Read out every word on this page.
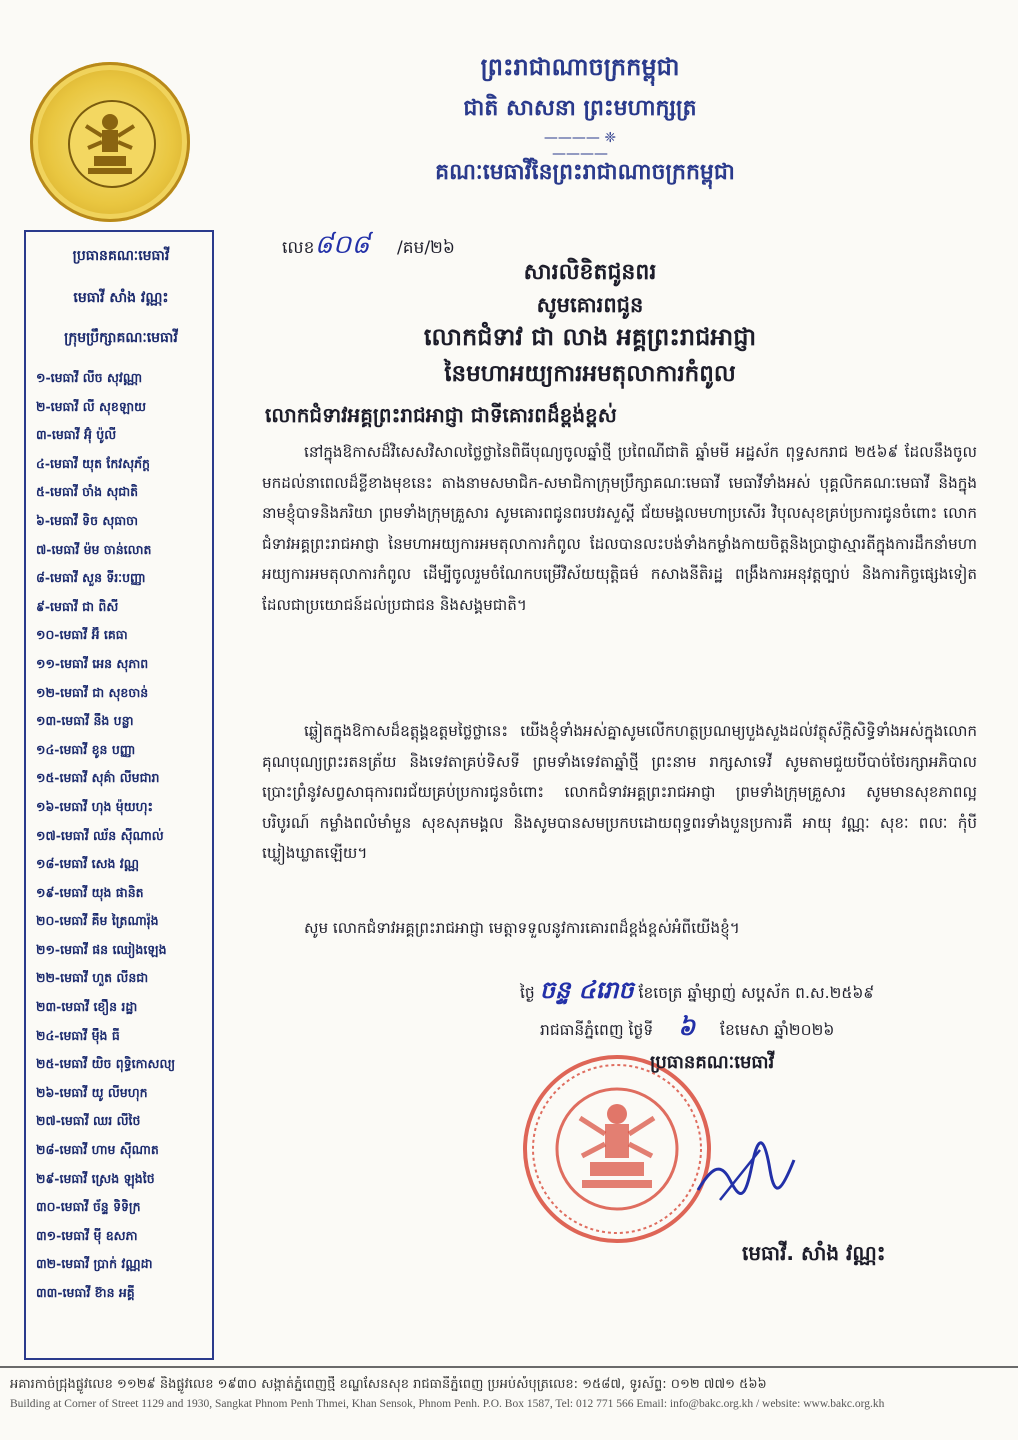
ព្រះរាជាណាចក្រកម្ពុជា
ជាតិ សាសនា ព្រះមហាក្សត្រ
———— ❈ ————
គណៈមេធាវីនៃព្រះរាជាណាចក្រកម្ពុជា
ប្រធានគណៈមេធាវី
មេធាវី សាំង វណ្ណះ
ក្រុមប្រឹក្សាគណៈមេធាវី
១-មេធាវី លីច សុវណ្ណា
២-មេធាវី លី សុខឡាយ
៣-មេធាវី អ៊ុំ ប៉ូលី
៤-មេធាវី យុត កែវសុភ័ក្ត
៥-មេធាវី ចាំង សុជាតិ
៦-មេធាវី ទិច សុធាចា
៧-មេធាវី ម៉ម ចាន់លោត
៨-មេធាវី សួន ទីរៈបញ្ញា
៩-មេធាវី ជា ពិសី
១០-មេធាវី អ៊ឹ គេធា
១១-មេធាវី អេន សុភាព
១២-មេធាវី ជា សុខចាន់
១៣-មេធាវី នឹង បន្លា
១៤-មេធាវី ខូន បញ្ញា
១៥-មេធាវី សុគ៌ា លីមជារា
១៦-មេធាវី ហុង ម៉ុយហុះ
១៧-មេធាវី ឈ័ន ស៊ីណាល់
១៨-មេធាវី សេង វណ្ណ
១៩-មេធាវី យុង ផានិត
២០-មេធាវី គឹម ត្រៃណារ៉ុង
២១-មេធាវី ផន ឈៀងឡេង
២២-មេធាវី ហួត លីនជា
២៣-មេធាវី ខឿន រដ្ឋា
២៤-មេធាវី ម៉ឹង ធី
២៥-មេធាវី យិច ពុទ្ធិកោសល្យ
២៦-មេធាវី យូ លីមហុក
២៧-មេធាវី ឈរ លីថៃ
២៨-មេធាវី ហាម ស៊ីណាត
២៩-មេធាវី ស្រេង ឡុងថៃ
៣០-មេធាវី ច័ន្ទ ទិទិក្រ
៣១-មេធាវី ម៉ី ឧសភា
៣២-មេធាវី ប្រាក់ វណ្ណដា
៣៣-មេធាវី ខ៊ាន អគ្គី
លេខ៨០៨ /គម/២៦
សារលិខិតជូនពរ
សូមគោរពជូន
លោកជំទាវ ជា លាង អគ្គព្រះរាជអាជ្ញា
នៃមហាអយ្យការអមតុលាការកំពូល
លោកជំទាវអគ្គព្រះរាជអាជ្ញា ជាទីគោរពដ៏ខ្ពង់ខ្ពស់
នៅក្នុងឱកាសដ៏វិសេសវិសាលថ្លៃថ្លានៃពិធីបុណ្យចូលឆ្នាំថ្មី ប្រពៃណីជាតិ ឆ្នាំមមី អដ្ឋស័ក ពុទ្ធសករាជ ២៥៦៩ ដែលនឹងចូលមកដល់នាពេលដ៏ខ្លីខាងមុខនេះ តាងនាមសមាជិក-សមាជិកាក្រុមប្រឹក្សាគណៈមេធាវី មេធាវីទាំងអស់ បុគ្គលិកគណៈមេធាវី និងក្នុងនាមខ្ញុំបាទនិងភរិយា ព្រមទាំងក្រុមគ្រួសារ សូមគោរពជូនពរបវរសួស្តី ជ័យមង្គលមហាប្រសើរ វិបុលសុខគ្រប់ប្រការជូនចំពោះ លោកជំទាវអគ្គព្រះរាជអាជ្ញា នៃមហាអយ្យការអមតុលាការកំពូល ដែលបានលះបង់ទាំងកម្លាំងកាយចិត្តនិងប្រាជ្ញាស្មារតីក្នុងការដឹកនាំមហាអយ្យការអមតុលាការកំពូល ដើម្បីចូលរួមចំណែកបម្រើវិស័យយុត្តិធម៌ កសាងនីតិរដ្ឋ ពង្រឹងការអនុវត្តច្បាប់ និងការកិច្ចផ្សេងទៀតដែលជាប្រយោជន៍ដល់ប្រជាជន និងសង្គមជាតិ។
ឆ្លៀតក្នុងឱកាសដ៏ឧត្តុង្គឧត្តមថ្លៃថ្លានេះ យើងខ្ញុំទាំងអស់គ្នាសូមលើកហត្ថប្រណម្យបួងសួងដល់វត្ថុស័ក្តិសិទ្ធិទាំងអស់ក្នុងលោក គុណបុណ្យព្រះរតនត្រ័យ និងទេវតាគ្រប់ទិសទី ព្រមទាំងទេវតាឆ្នាំថ្មី ព្រះនាម រាក្សសាទេវី សូមតាមជួយបីបាច់ថែរក្សាអភិបាល ប្រោះព្រំនូវសព្វសាធុការពរជ័យគ្រប់ប្រការជូនចំពោះ លោកជំទាវអគ្គព្រះរាជអាជ្ញា ព្រមទាំងក្រុមគ្រួសារ សូមមានសុខភាពល្អបរិបូរណ៍ កម្លាំងពលំមាំមួន សុខសុភមង្គល និងសូមបានសមប្រកបដោយពុទ្ធពរទាំងបួនប្រការគឺ អាយុ វណ្ណៈ សុខៈ ពលៈ កុំបីឃ្លៀងឃ្លាតឡើយ។
សូម លោកជំទាវអគ្គព្រះរាជអាជ្ញា មេត្តាទទួលនូវការគោរពដ៏ខ្ពង់ខ្ពស់អំពីយើងខ្ញុំ។
ថ្ងៃ ចន្ទ ៤រោច ខែចេត្រ ឆ្នាំម្សាញ់ សប្តស័ក ព.ស.២៥៦៩
រាជធានីភ្នំពេញ ថ្ងៃទី ៦ ខែមេសា ឆ្នាំ២០២៦
ប្រធានគណៈមេធាវី
មេធាវី. សាំង វណ្ណះ
អគារកាច់ជ្រុងផ្លូវលេខ ១១២៩ និងផ្លូវលេខ ១៩៣០ សង្កាត់ភ្នំពេញថ្មី ខណ្ឌសែនសុខ រាជធានីភ្នំពេញ ប្រអប់សំបុត្រលេខ: ១៥៨៧, ទូរស័ព្ទ: ០១២ ៧៧១ ៥៦៦
Building at Corner of Street 1129 and 1930, Sangkat Phnom Penh Thmei, Khan Sensok, Phnom Penh. P.O. Box 1587, Tel: 012 771 566 Email: info@bakc.org.kh / website: www.bakc.org.kh
